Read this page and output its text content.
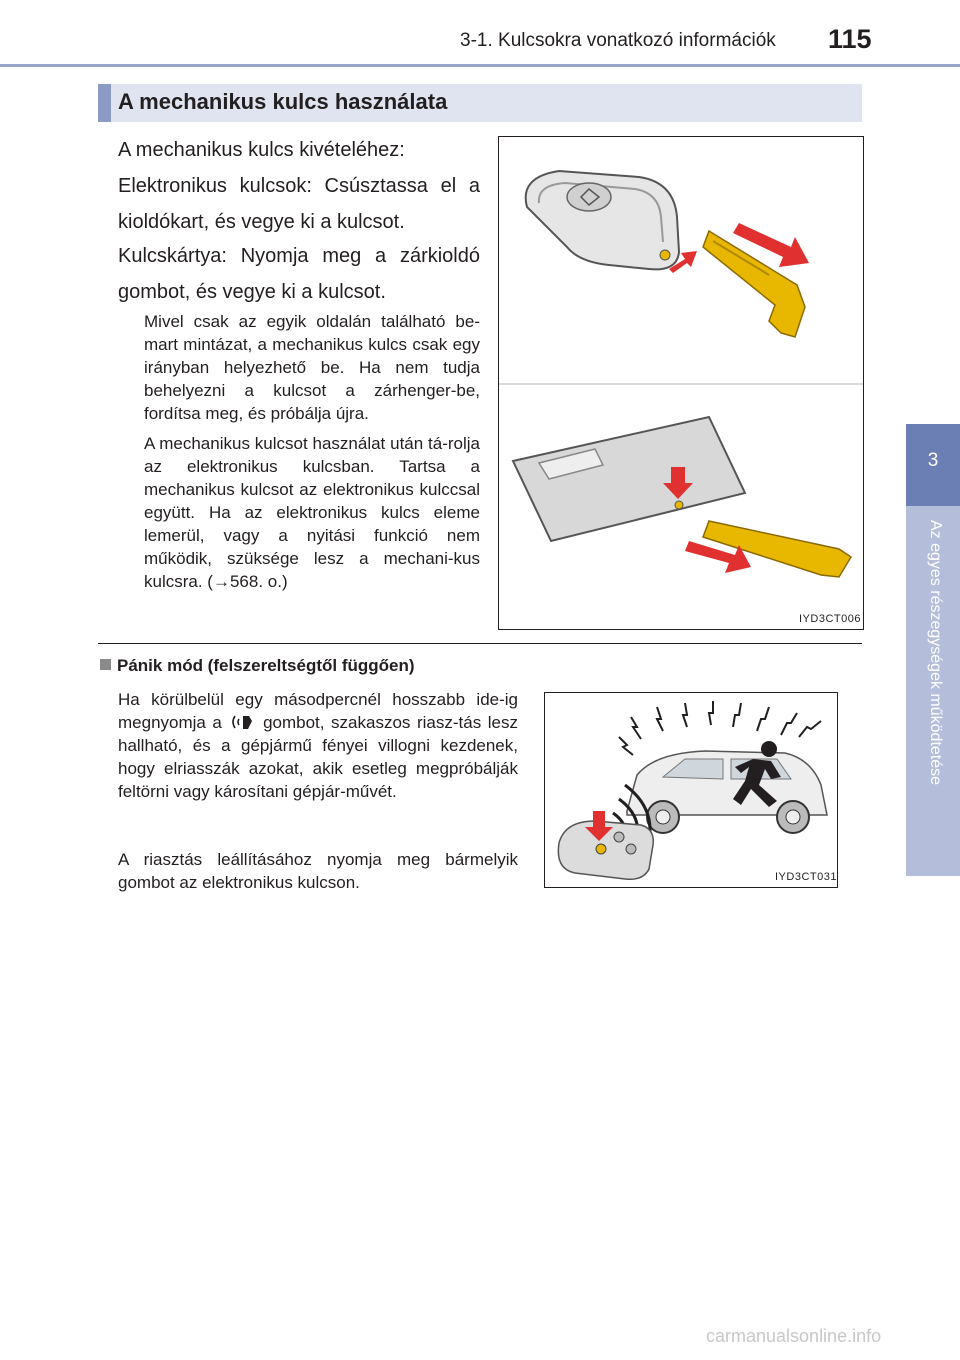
3-1. Kulcsokra vonatkozó információk 115
3
Az egyes részegységek működtetése
A mechanikus kulcs használata
A mechanikus kulcs kivételéhez:
Elektronikus kulcsok: Csúsztassa el a kioldókart, és vegye ki a kulcsot.
Kulcskártya: Nyomja meg a zárkioldó gombot, és vegye ki a kulcsot.
Mivel csak az egyik oldalán található be-mart mintázat, a mechanikus kulcs csak egy irányban helyezhető be. Ha nem tudja behelyezni a kulcsot a zárhenger-be, fordítsa meg, és próbálja újra.
A mechanikus kulcsot használat után tá-rolja az elektronikus kulcsban. Tartsa a mechanikus kulcsot az elektronikus kulccsal együtt. Ha az elektronikus kulcs eleme lemerül, vagy a nyitási funkció nem működik, szüksége lesz a mechani-kus kulcsra. (→568. o.)
IYD3CT006
Pánik mód (felszereltségtől függően)
Ha körülbelül egy másodpercnél hosszabb ide-ig megnyomja a gombot, szakaszos riasz-tás lesz hallható, és a gépjármű fényei villogni kezdenek, hogy elriasszák azokat, akik esetleg megpróbálják feltörni vagy károsítani gépjár-művét.
A riasztás leállításához nyomja meg bármelyik gombot az elektronikus kulcson.	IYD3CT031
carmanualsonline.info
